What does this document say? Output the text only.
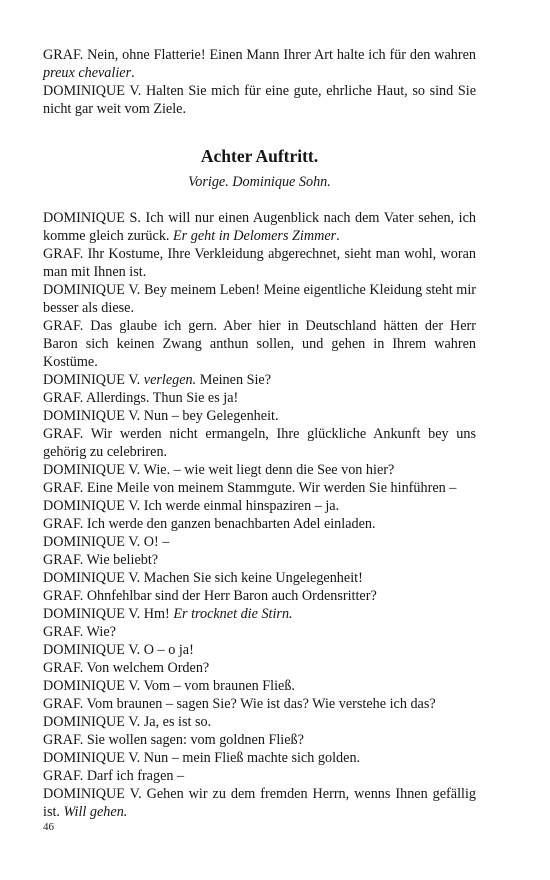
GRAF. Nein, ohne Flatterie! Einen Mann Ihrer Art halte ich für den wahren preux chevalier.

DOMINIQUE V. Halten Sie mich für eine gute, ehrliche Haut, so sind Sie nicht gar weit vom Ziele.

Achter Auftritt.
Vorige. Dominique Sohn.

DOMINIQUE S. Ich will nur einen Augenblick nach dem Vater sehen, ich komme gleich zurück. Er geht in Delomers Zimmer.

GRAF. Ihr Kostume, Ihre Verkleidung abgerechnet, sieht man wohl, woran man mit Ihnen ist.

DOMINIQUE V. Bey meinem Leben! Meine eigentliche Kleidung steht mir besser als diese.

GRAF. Das glaube ich gern. Aber hier in Deutschland hätten der Herr Baron sich keinen Zwang anthun sollen, und gehen in Ihrem wahren Kostüme.

DOMINIQUE V. verlegen. Meinen Sie?

GRAF. Allerdings. Thun Sie es ja!

DOMINIQUE V. Nun – bey Gelegenheit.

GRAF. Wir werden nicht ermangeln, Ihre glückliche Ankunft bey uns gehörig zu celebriren.

DOMINIQUE V. Wie. – wie weit liegt denn die See von hier?

GRAF. Eine Meile von meinem Stammgute. Wir werden Sie hinführen –

DOMINIQUE V. Ich werde einmal hinspaziren – ja.

GRAF. Ich werde den ganzen benachbarten Adel einladen.

DOMINIQUE V. O! –

GRAF. Wie beliebt?

DOMINIQUE V. Machen Sie sich keine Ungelegenheit!

GRAF. Ohnfehlbar sind der Herr Baron auch Ordensritter?

DOMINIQUE V. Hm! Er trocknet die Stirn.

GRAF. Wie?

DOMINIQUE V. O – o ja!

GRAF. Von welchem Orden?

DOMINIQUE V. Vom – vom braunen Fließ.

GRAF. Vom braunen – sagen Sie? Wie ist das? Wie verstehe ich das?

DOMINIQUE V. Ja, es ist so.

GRAF. Sie wollen sagen: vom goldnen Fließ?

DOMINIQUE V. Nun – mein Fließ machte sich golden.

GRAF. Darf ich fragen –

DOMINIQUE V. Gehen wir zu dem fremden Herrn, wenns Ihnen gefällig ist. Will gehen.

46
